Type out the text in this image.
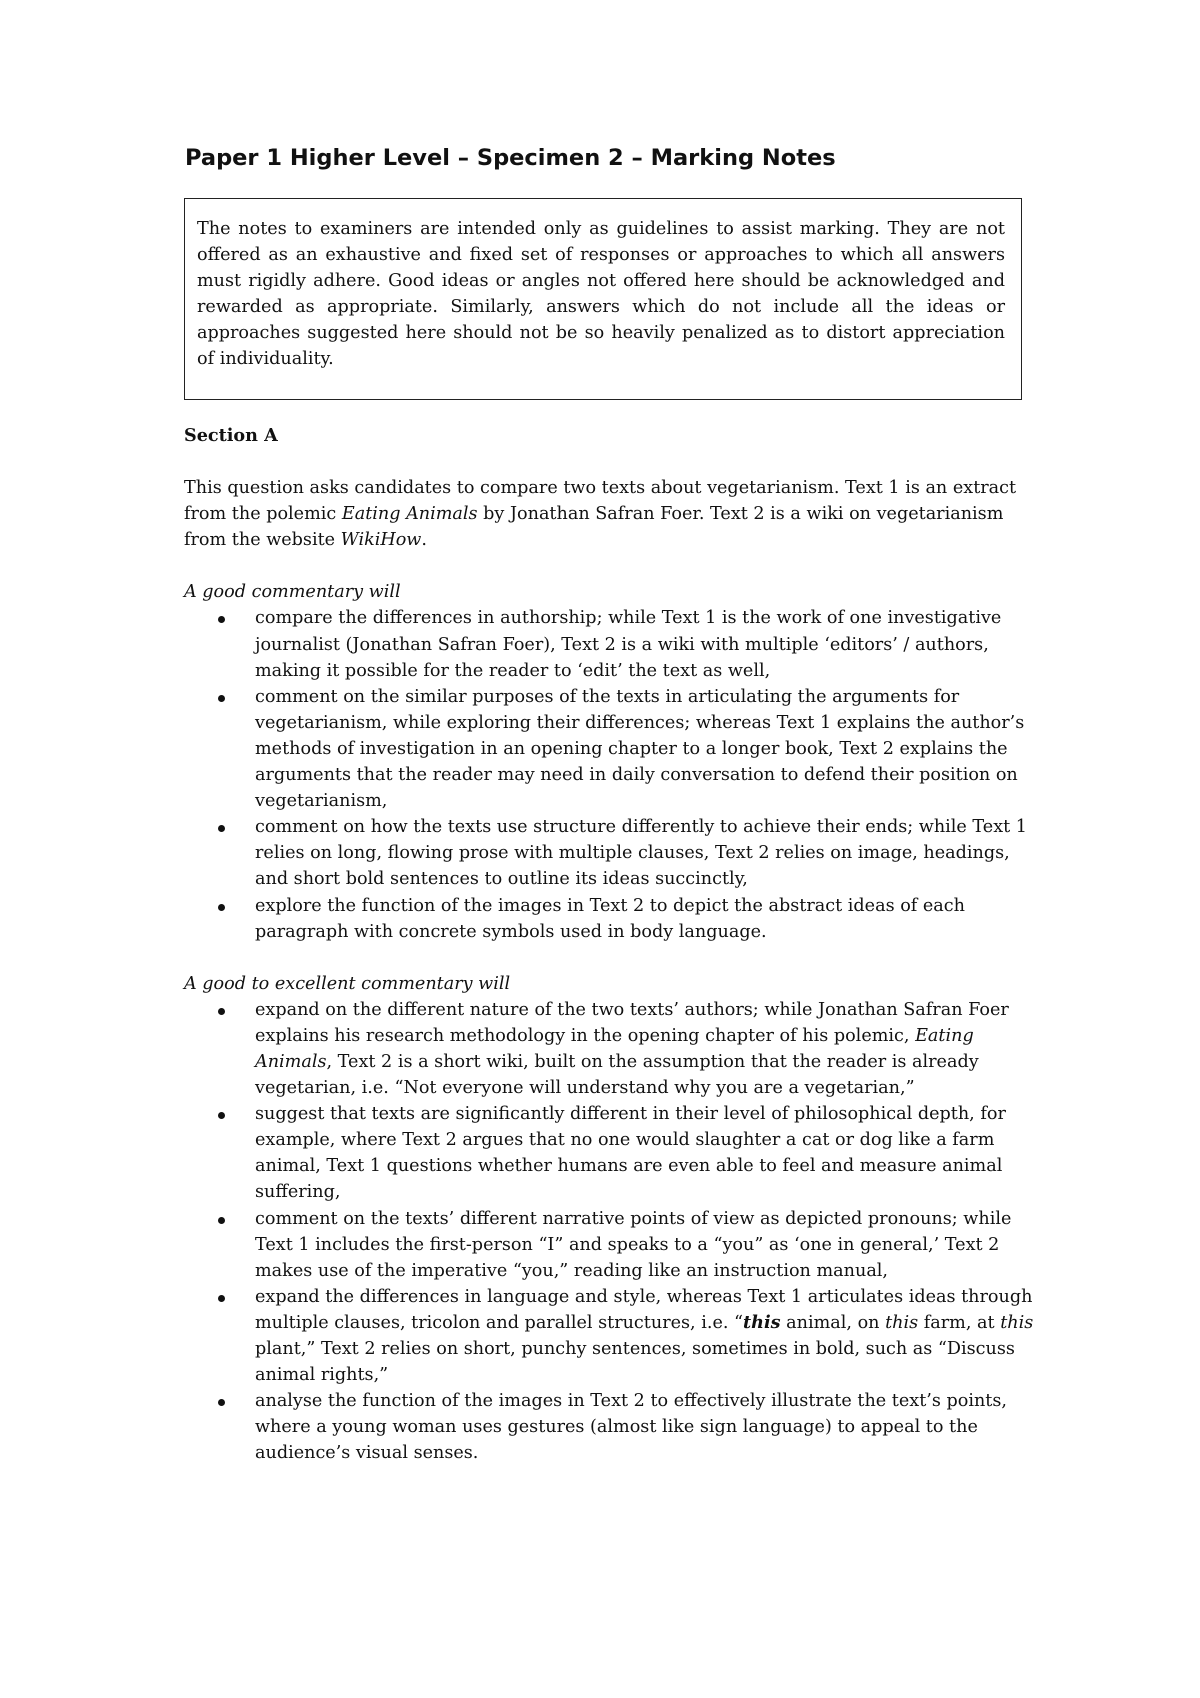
Paper 1 Higher Level – Specimen 2 – Marking Notes
The notes to examiners are intended only as guidelines to assist marking. They are not offered as an exhaustive and fixed set of responses or approaches to which all answers must rigidly adhere. Good ideas or angles not offered here should be acknowledged and rewarded as appropriate. Similarly, answers which do not include all the ideas or approaches suggested here should not be so heavily penalized as to distort appreciation of individuality.

Section A

This question asks candidates to compare two texts about vegetarianism. Text 1 is an extract from the polemic Eating Animals by Jonathan Safran Foer. Text 2 is a wiki on vegetarianism from the website WikiHow.

A good commentary will

compare the differences in authorship; while Text 1 is the work of one investigative journalist (Jonathan Safran Foer), Text 2 is a wiki with multiple ‘editors’ / authors, making it possible for the reader to ‘edit’ the text as well,
comment on the similar purposes of the texts in articulating the arguments for vegetarianism, while exploring their differences; whereas Text 1 explains the author’s methods of investigation in an opening chapter to a longer book, Text 2 explains the arguments that the reader may need in daily conversation to defend their position on vegetarianism,
comment on how the texts use structure differently to achieve their ends; while Text 1 relies on long, flowing prose with multiple clauses, Text 2 relies on image, headings, and short bold sentences to outline its ideas succinctly,
explore the function of the images in Text 2 to depict the abstract ideas of each paragraph with concrete symbols used in body language.

A good to excellent commentary will

expand on the different nature of the two texts’ authors; while Jonathan Safran Foer explains his research methodology in the opening chapter of his polemic, Eating Animals, Text 2 is a short wiki, built on the assumption that the reader is already vegetarian, i.e. “Not everyone will understand why you are a vegetarian,”
suggest that texts are significantly different in their level of philosophical depth, for example, where Text 2 argues that no one would slaughter a cat or dog like a farm animal, Text 1 questions whether humans are even able to feel and measure animal suffering,
comment on the texts’ different narrative points of view as depicted pronouns; while Text 1 includes the first-person “I” and speaks to a “you” as ‘one in general,’ Text 2 makes use of the imperative “you,” reading like an instruction manual,
expand the differences in language and style, whereas Text 1 articulates ideas through multiple clauses, tricolon and parallel structures, i.e. “this animal, on this farm, at this plant,” Text 2 relies on short, punchy sentences, sometimes in bold, such as “Discuss animal rights,”
analyse the function of the images in Text 2 to effectively illustrate the text’s points, where a young woman uses gestures (almost like sign language) to appeal to the audience’s visual senses.
